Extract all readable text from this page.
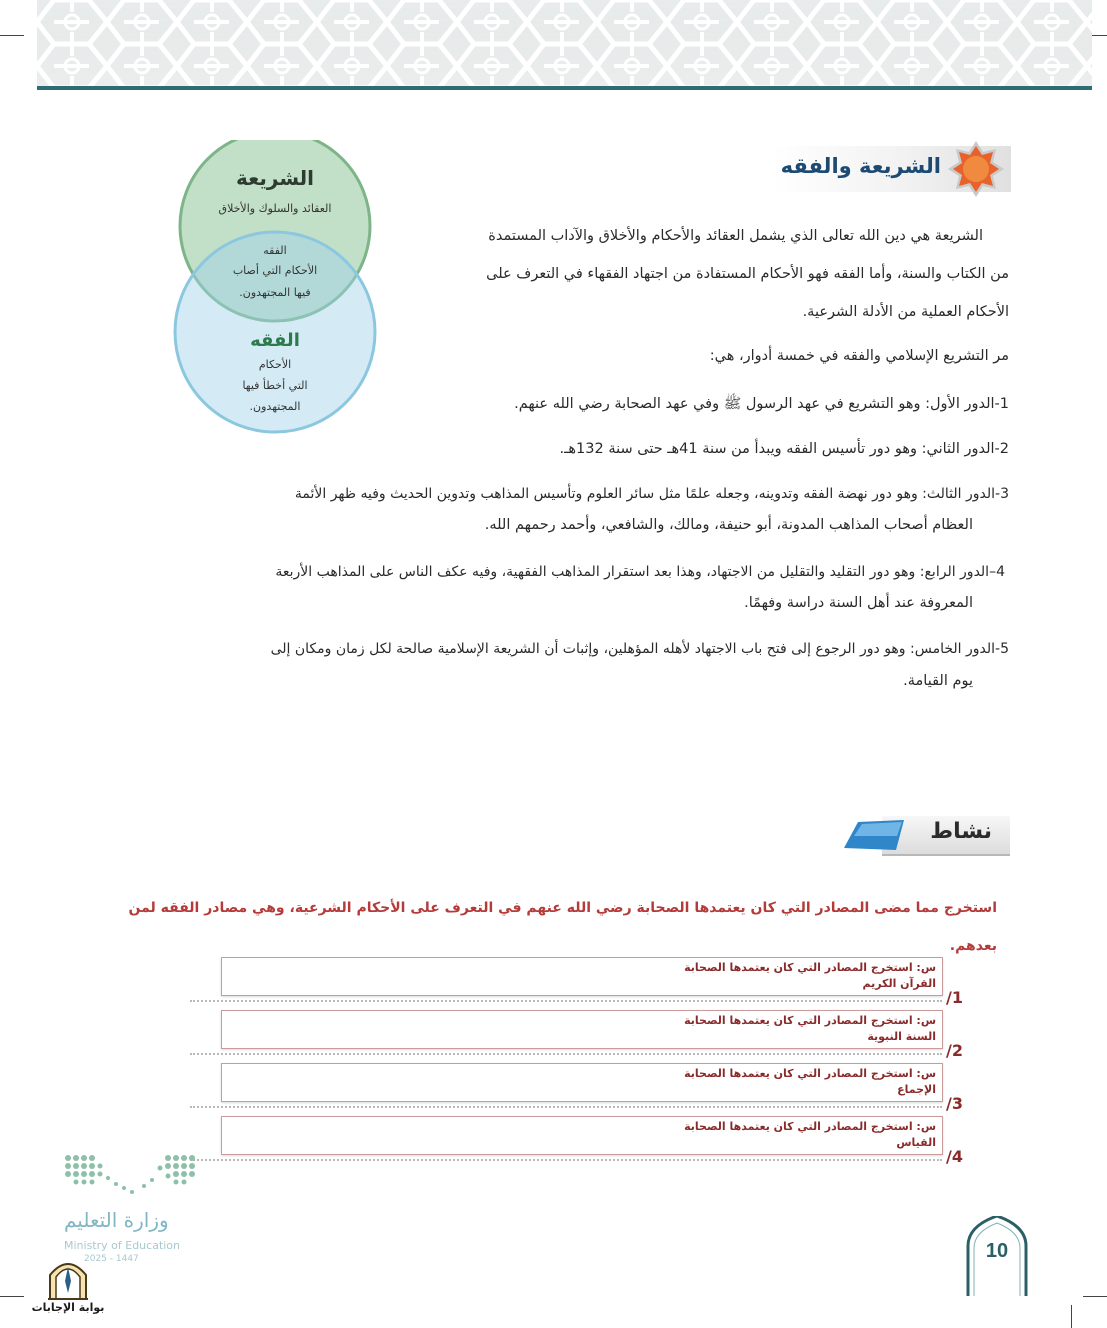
الشريعة والفقه

الشريعة

العقائد والسلوك والأخلاق

الفقه

الأحكام التي أصاب

فيها المجتهدون.

الفقه

الأحكام

التي أخطأ فيها

المجتهدون.

الشريعة هي دين الله تعالى الذي يشمل العقائد والأحكام والأخلاق والآداب المستمدة

من الكتاب والسنة، وأما الفقه فهو الأحكام المستفادة من اجتهاد الفقهاء في التعرف على

الأحكام العملية من الأدلة الشرعية.

مر التشريع الإسلامي والفقه في خمسة أدوار، هي:

1-الدور الأول: وهو التشريع في عهد الرسول ﷺ وفي عهد الصحابة رضي الله عنهم.

2-الدور الثاني: وهو دور تأسيس الفقه ويبدأ من سنة 41هـ حتى سنة 132هـ.

3-الدور الثالث: وهو دور نهضة الفقه وتدوينه، وجعله علمًا مثل سائر العلوم وتأسيس المذاهب وتدوين الحديث وفيه ظهر الأئمة

العظام أصحاب المذاهب المدونة، أبو حنيفة، ومالك، والشافعي، وأحمد رحمهم الله.

4–الدور الرابع: وهو دور التقليد والتقليل من الاجتهاد، وهذا بعد استقرار المذاهب الفقهية، وفيه عكف الناس على المذاهب الأربعة

المعروفة عند أهل السنة دراسة وفهمًا.

5-الدور الخامس: وهو دور الرجوع إلى فتح باب الاجتهاد لأهله المؤهلين، وإثبات أن الشريعة الإسلامية صالحة لكل زمان ومكان إلى

يوم القيامة.

نشاط

استخرج مما مضى المصادر التي كان يعتمدها الصحابة رضي الله عنهم في التعرف على الأحكام الشرعية، وهي مصادر الفقه لمن

بعدهم.

س: استخرج المصادر التي كان يعتمدها الصحابة
القرآن الكريم
1/
س: استخرج المصادر التي كان يعتمدها الصحابة
السنة النبوية
2/
س: استخرج المصادر التي كان يعتمدها الصحابة
الإجماع
3/
س: استخرج المصادر التي كان يعتمدها الصحابة
القياس
4/
وزارة التعليم
Ministry of Education
2025 - 1447
بوابة الإجابات
10
